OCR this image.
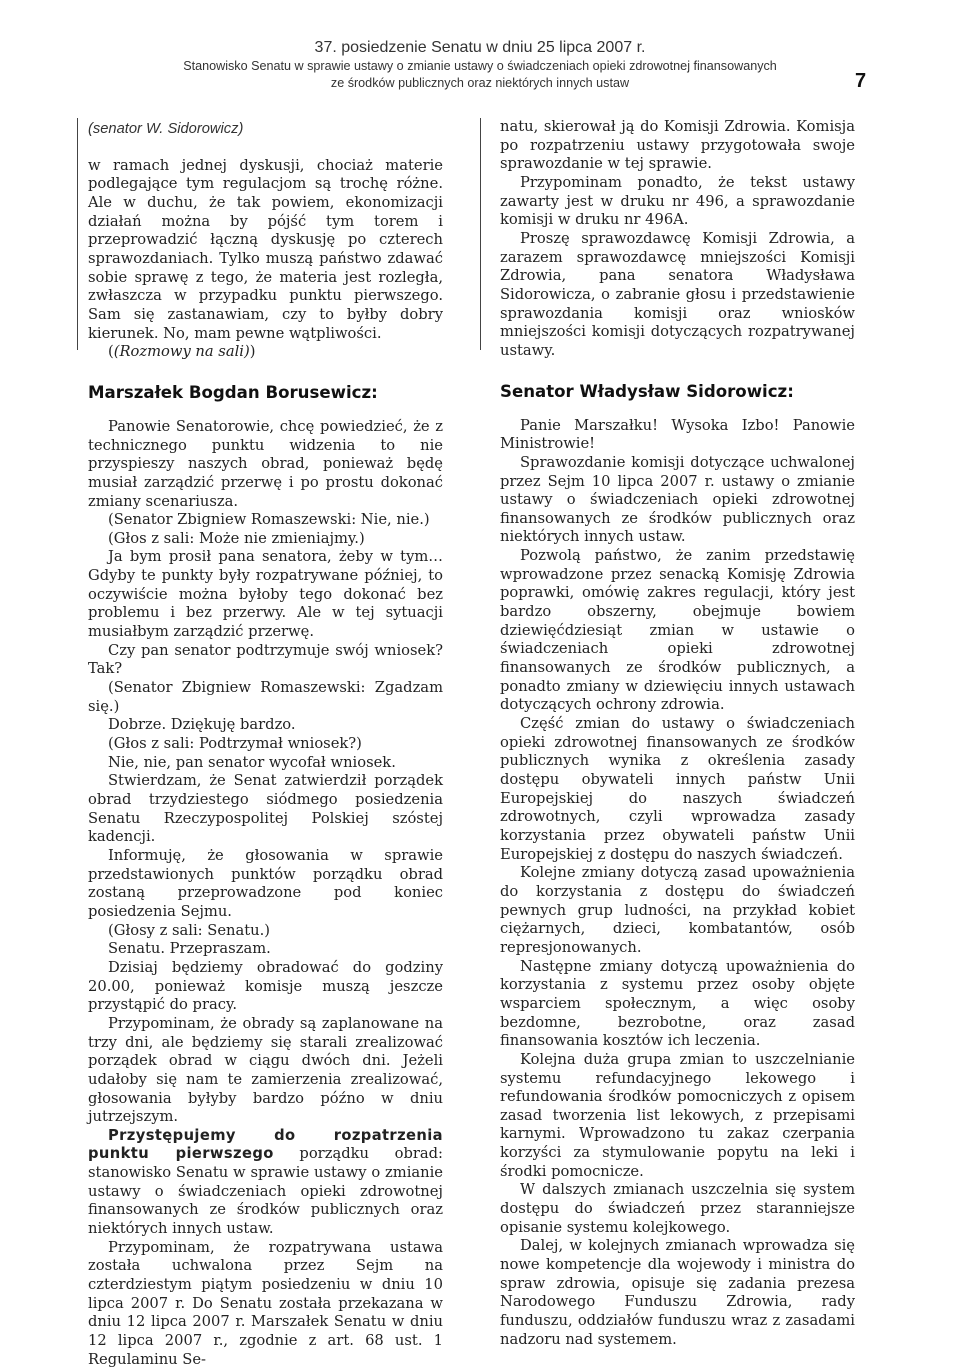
37. posiedzenie Senatu w dniu 25 lipca 2007 r.
Stanowisko Senatu w sprawie ustawy o zmianie ustawy o świadczeniach opieki zdrowotnej finansowanych
ze środków publicznych oraz niektórych innych ustaw	7

(senator W. Sidorowicz)

w ramach jednej dyskusji, chociaż materie podlegające tym regulacjom są trochę różne. Ale w duchu, że tak powiem, ekonomizacji działań można by pójść tym torem i przeprowadzić łączną dyskusję po czterech sprawozdaniach. Tylko muszą państwo zdawać sobie sprawę z tego, że materia jest rozległa, zwłaszcza w przypadku punktu pierwszego. Sam się zastanawiam, czy to byłby dobry kierunek. No, mam pewne wątpliwości.

((Rozmowy na sali))

Marszałek Bogdan Borusewicz:

Panowie Senatorowie, chcę powiedzieć, że z technicznego punktu widzenia to nie przyspieszy naszych obrad, ponieważ będę musiał zarządzić przerwę i po prostu dokonać zmiany scenariusza.

(Senator Zbigniew Romaszewski: Nie, nie.)

(Głos z sali: Może nie zmieniajmy.)

Ja bym prosił pana senatora, żeby w tym… Gdyby te punkty były rozpatrywane później, to oczywiście można byłoby tego dokonać bez problemu i bez przerwy. Ale w tej sytuacji musiałbym zarządzić przerwę.

Czy pan senator podtrzymuje swój wniosek? Tak?

(Senator Zbigniew Romaszewski: Zgadzam się.)

Dobrze. Dziękuję bardzo.

(Głos z sali: Podtrzymał wniosek?)

Nie, nie, pan senator wycofał wniosek.

Stwierdzam, że Senat zatwierdził porządek obrad trzydziestego siódmego posiedzenia Senatu Rzeczypospolitej Polskiej szóstej kadencji.

Informuję, że głosowania w sprawie przedstawionych punktów porządku obrad zostaną przeprowadzone pod koniec posiedzenia Sejmu.

(Głosy z sali: Senatu.)

Senatu. Przepraszam.

Dzisiaj będziemy obradować do godziny 20.00, ponieważ komisje muszą jeszcze przystąpić do pracy.

Przypominam, że obrady są zaplanowane na trzy dni, ale będziemy się starali zrealizować porządek obrad w ciągu dwóch dni. Jeżeli udałoby się nam te zamierzenia zrealizować, głosowania byłyby bardzo późno w dniu jutrzejszym.

Przystępujemy do rozpatrzenia punktu pierwszego porządku obrad: stanowisko Senatu w sprawie ustawy o zmianie ustawy o świadczeniach opieki zdrowotnej finansowanych ze środków publicznych oraz niektórych innych ustaw.

Przypominam, że rozpatrywana ustawa została uchwalona przez Sejm na czterdziestym piątym posiedzeniu w dniu 10 lipca 2007 r. Do Senatu została przekazana w dniu 12 lipca 2007 r. Marszałek Senatu w dniu 12 lipca 2007 r., zgodnie z art. 68 ust. 1 Regulaminu Se-

natu, skierował ją do Komisji Zdrowia. Komisja po rozpatrzeniu ustawy przygotowała swoje sprawozdanie w tej sprawie.

Przypominam ponadto, że tekst ustawy zawarty jest w druku nr 496, a sprawozdanie komisji w druku nr 496A.

Proszę sprawozdawcę Komisji Zdrowia, a zarazem sprawozdawcę mniejszości Komisji Zdrowia, pana senatora Władysława Sidorowicza, o zabranie głosu i przedstawienie sprawozdania komisji oraz wniosków mniejszości komisji dotyczących rozpatrywanej ustawy.

Senator Władysław Sidorowicz:

Panie Marszałku! Wysoka Izbo! Panowie Ministrowie!

Sprawozdanie komisji dotyczące uchwalonej przez Sejm 10 lipca 2007 r. ustawy o zmianie ustawy o świadczeniach opieki zdrowotnej finansowanych ze środków publicznych oraz niektórych innych ustaw.

Pozwolą państwo, że zanim przedstawię wprowadzone przez senacką Komisję Zdrowia poprawki, omówię zakres regulacji, który jest bardzo obszerny, obejmuje bowiem dziewięćdziesiąt zmian w ustawie o świadczeniach opieki zdrowotnej finansowanych ze środków publicznych, a ponadto zmiany w dziewięciu innych ustawach dotyczących ochrony zdrowia.

Część zmian do ustawy o świadczeniach opieki zdrowotnej finansowanych ze środków publicznych wynika z określenia zasady dostępu obywateli innych państw Unii Europejskiej do naszych świadczeń zdrowotnych, czyli wprowadza zasady korzystania przez obywateli państw Unii Europejskiej z dostępu do naszych świadczeń.

Kolejne zmiany dotyczą zasad upoważnienia do korzystania z dostępu do świadczeń pewnych grup ludności, na przykład kobiet ciężarnych, dzieci, kombatantów, osób represjonowanych.

Następne zmiany dotyczą upoważnienia do korzystania z systemu przez osoby objęte wsparciem społecznym, a więc osoby bezdomne, bezrobotne, oraz zasad finansowania kosztów ich leczenia.

Kolejna duża grupa zmian to uszczelnianie systemu refundacyjnego lekowego i refundowania środków pomocniczych z opisem zasad tworzenia list lekowych, z przepisami karnymi. Wprowadzono tu zakaz czerpania korzyści za stymulowanie popytu na leki i środki pomocnicze.

W dalszych zmianach uszczelnia się system dostępu do świadczeń przez staranniejsze opisanie systemu kolejkowego.

Dalej, w kolejnych zmianach wprowadza się nowe kompetencje dla wojewody i ministra do spraw zdrowia, opisuje się zadania prezesa Narodowego Funduszu Zdrowia, rady funduszu, oddziałów funduszu wraz z zasadami nadzoru nad systemem.
